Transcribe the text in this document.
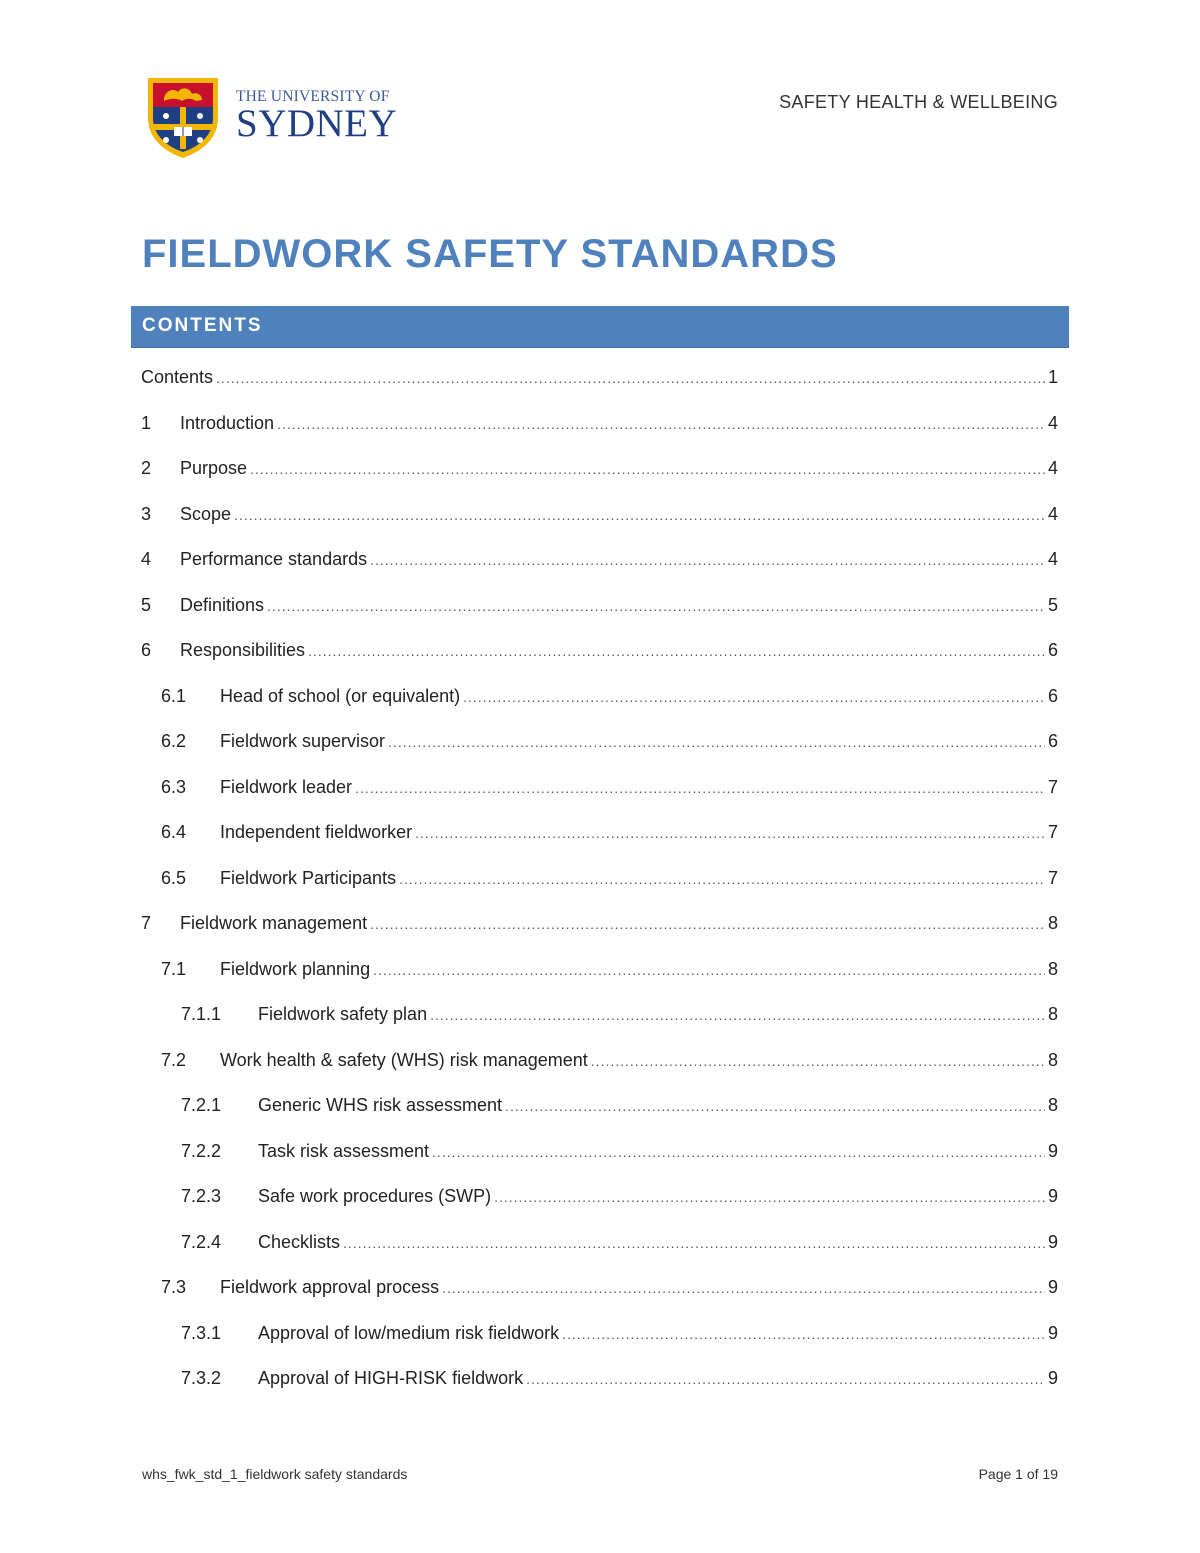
THE UNIVERSITY OF
SYDNEY	SAFETY HEALTH & WELLBEING
FIELDWORK SAFETY STANDARDS
CONTENTS
Contents .....	1
1	Introduction .....	4
2	Purpose .....	4
3	Scope .....	4
4	Performance standards .....	4
5	Definitions .....	5
6	Responsibilities .....	6
6.1	Head of school (or equivalent) .....	6
6.2	Fieldwork supervisor .....	6
6.3	Fieldwork leader .....	7
6.4	Independent fieldworker .....	7
6.5	Fieldwork Participants .....	7
7	Fieldwork management .....	8
7.1	Fieldwork planning .....	8
7.1.1	Fieldwork safety plan .....	8
7.2	Work health & safety (WHS) risk management .....	8
7.2.1	Generic WHS risk assessment .....	8
7.2.2	Task risk assessment .....	9
7.2.3	Safe work procedures (SWP) .....	9
7.2.4	Checklists .....	9
7.3	Fieldwork approval process .....	9
7.3.1	Approval of low/medium risk fieldwork .....	9
7.3.2	Approval of HIGH-RISK fieldwork .....	9
whs_fwk_std_1_fieldwork safety standards	Page 1 of 19
